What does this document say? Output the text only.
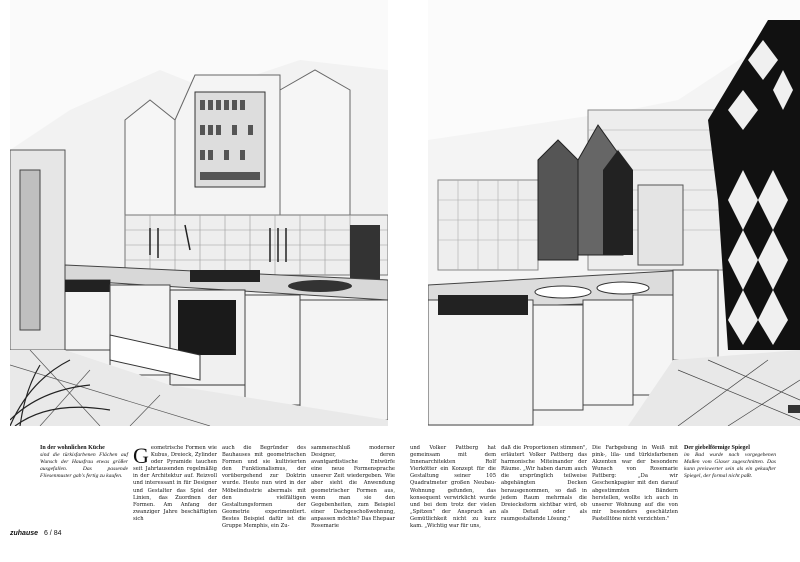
In der wohnlichen Küche
sind die türkisfarbenen Flächen auf Wunsch der Hausfrau etwas größer ausgefallen. Das passende Fliesenmuster gab's fertig zu kaufen.
G eometrische Formen wie Kubus, Dreieck, Zylinder oder Pyramide tauchen seit Jahrtausenden regelmäßig in der Architektur auf. Reizvoll und interessant in für Designer und Gestalter das Spiel der Linien, das Zuordnen der Formen. Am Anfang der zwanziger Jahre beschäftigten sich
auch die Begründer des Bauhauses mit geometrischen Formen und sie kultivierten den Funktionalismus, der vorübergehend zur Doktrin wurde. Heute nun wird in der Möbelindustrie abermals mit den vielfältigen Gestaltungsformen der Geometrie experimentiert. Bestes Beispiel dafür ist die Gruppe Memphis, ein Zu-
sammenschluß moderner Designer, deren avantgardistische Entwürfe eine neue Formensprache unserer Zeit wiedergeben. Wie aber sieht die Anwendung geometrischer Formen aus, wenn man sie den Gegebenheiten, zum Beispiel einer Dachgeschoßwohnung, anpassen möchte? Das Ehepaar Rosemarie
und Volker Pattberg hat gemeinsam mit dem Innenarchitekten Rolf Vierkötter ein Konzept für die Gestaltung seiner 105 Quadratmeter großen Neubau-Wohnung gefunden, das konsequent verwirklicht wurde und bei dem trotz der vielen „Spitzen" der Anspruch an Gemütlichkeit nicht zu kurz kam. „Wichtig war für uns,
daß die Proportionen stimmen", erläutert Volker Pattberg das harmonische Miteinander der Räume. „Wir haben darum auch die ursprünglich teilweise abgehängten Decken herausgenommen, so daß in jedem Raum mehrmals die Dreiecksform sichtbar wird, ob als Detail oder als raumgestaltende Lösung."
Die Farbgebung in Weiß mit pink-, lila- und türkisfarbenen Akzenten war der besondere Wunsch von Rosemarie Pattberg: „Da wir Geschenkpapier mit den darauf abgestimmten Bändern herstellen, wollte ich auch in unserer Wohnung auf die von mir besonders geschätzten Pastelltöne nicht verzichten."
Der giebelförmige Spiegel
im Bad wurde nach vorgegebenen Maßen vom Glaser zugeschnitten. Das kann preiswerter sein als ein gekaufter Spiegel, der formal nicht paßt.
zuhause 6 / 84
